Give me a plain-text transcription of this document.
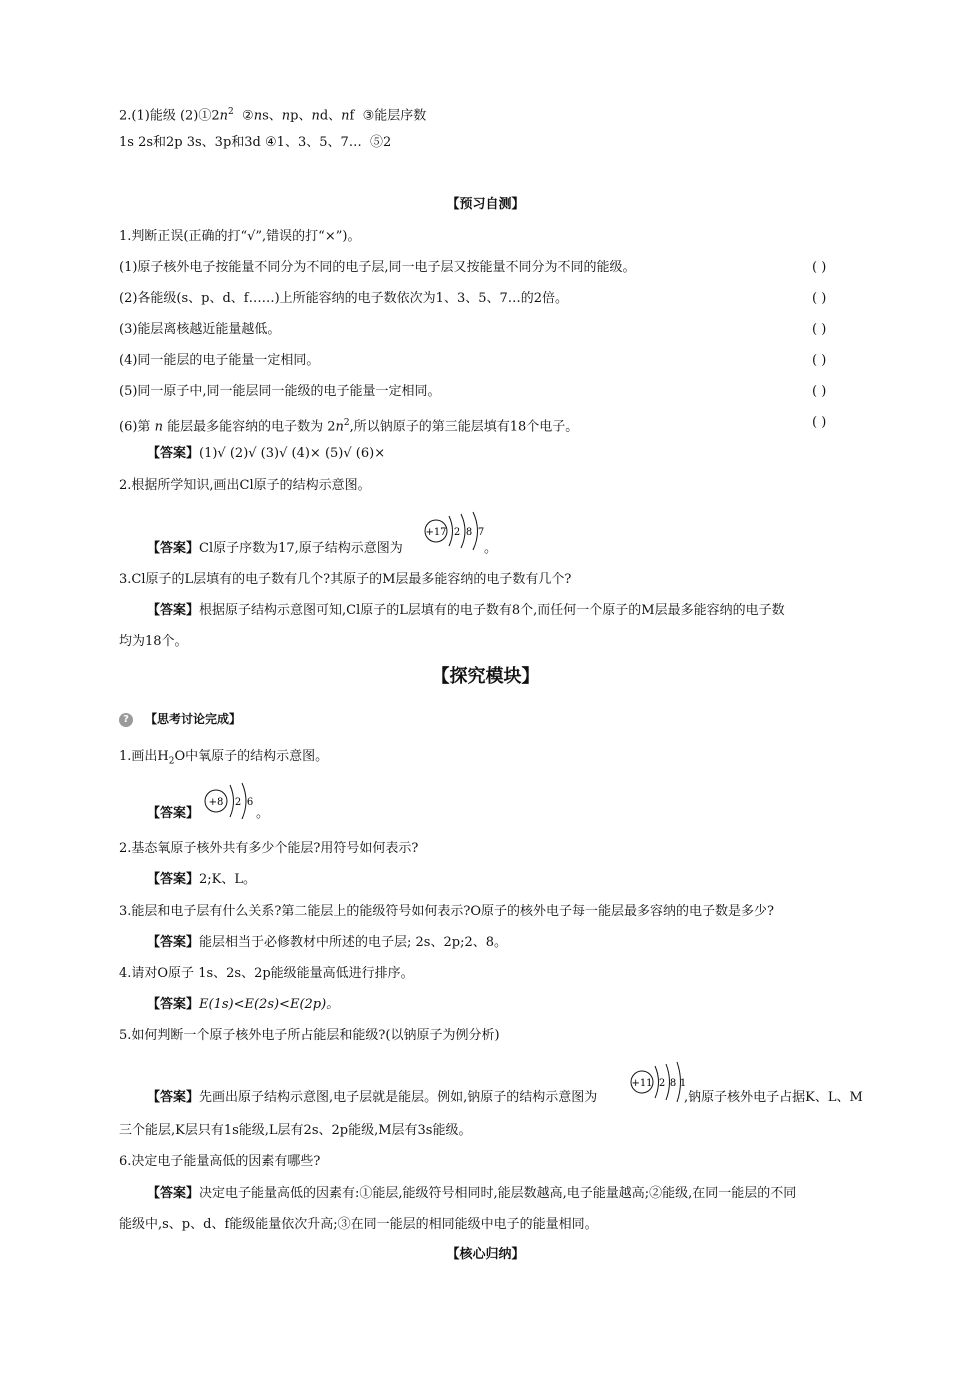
2.(1)能级 $(2)①2n^2$ ②ns、np、nd、nf  ③能层序数
1s 2s和2p 3s、3p和3d ④1、3、5、7…  ⑤2
【预习自测】
1.判断正误(正确的打“√”,错误的打“×”)。
(1)原子核外电子按能量不同分为不同的电子层,同一电子层又按能量不同分为不同的能级。	( )
(2)各能级(s、p、d、f……)上所能容纳的电子数依次为1、3、5、7…的2倍。	( )
(3)能层离核越近能量越低。	( )
(4)同一能层的电子能量一定相同。	( )
(5)同一原子中,同一能层同一能级的电子能量一定相同。	( )
(6)第 n 能层最多能容纳的电子数为 $2n^2$,所以钠原子的第三能层填有18个电子。	( )
【答案】(1)√ (2)√ (3)√ (4)× (5)√ (6)×
2.根据所学知识,画出Cl原子的结构示意图。
【答案】Cl原子序数为17,原子结构示意图为
+17 2 8 7
。
3.Cl原子的L层填有的电子数有几个?其原子的M层最多能容纳的电子数有几个?
【答案】根据原子结构示意图可知,Cl原子的L层填有的电子数有8个,而任何一个原子的M层最多能容纳的电子数
均为18个。
【探究模块】
? 【思考讨论完成】
1.画出$H_2O$中氧原子的结构示意图。
【答案】
+8 2 6
。
2.基态氧原子核外共有多少个能层?用符号如何表示?
【答案】2;K、L。
3.能层和电子层有什么关系?第二能层上的能级符号如何表示?O原子的核外电子每一能层最多容纳的电子数是多少?
【答案】能层相当于必修教材中所述的电子层; 2s、2p;2、8。
4.请对O原子 1s、2s、2p能级能量高低进行排序。
【答案】E(1s)<E(2s)<E(2p)。
5.如何判断一个原子核外电子所占能层和能级?(以钠原子为例分析)
【答案】先画出原子结构示意图,电子层就是能层。例如,钠原子的结构示意图为
+11 2 8 1
,钠原子核外电子占据K、L、M
三个能层,K层只有1s能级,L层有2s、2p能级,M层有3s能级。
6.决定电子能量高低的因素有哪些?
【答案】决定电子能量高低的因素有:①能层,能级符号相同时,能层数越高,电子能量越高;②能级,在同一能层的不同
能级中,s、p、d、f能级能量依次升高;③在同一能层的相同能级中电子的能量相同。
【核心归纳】
